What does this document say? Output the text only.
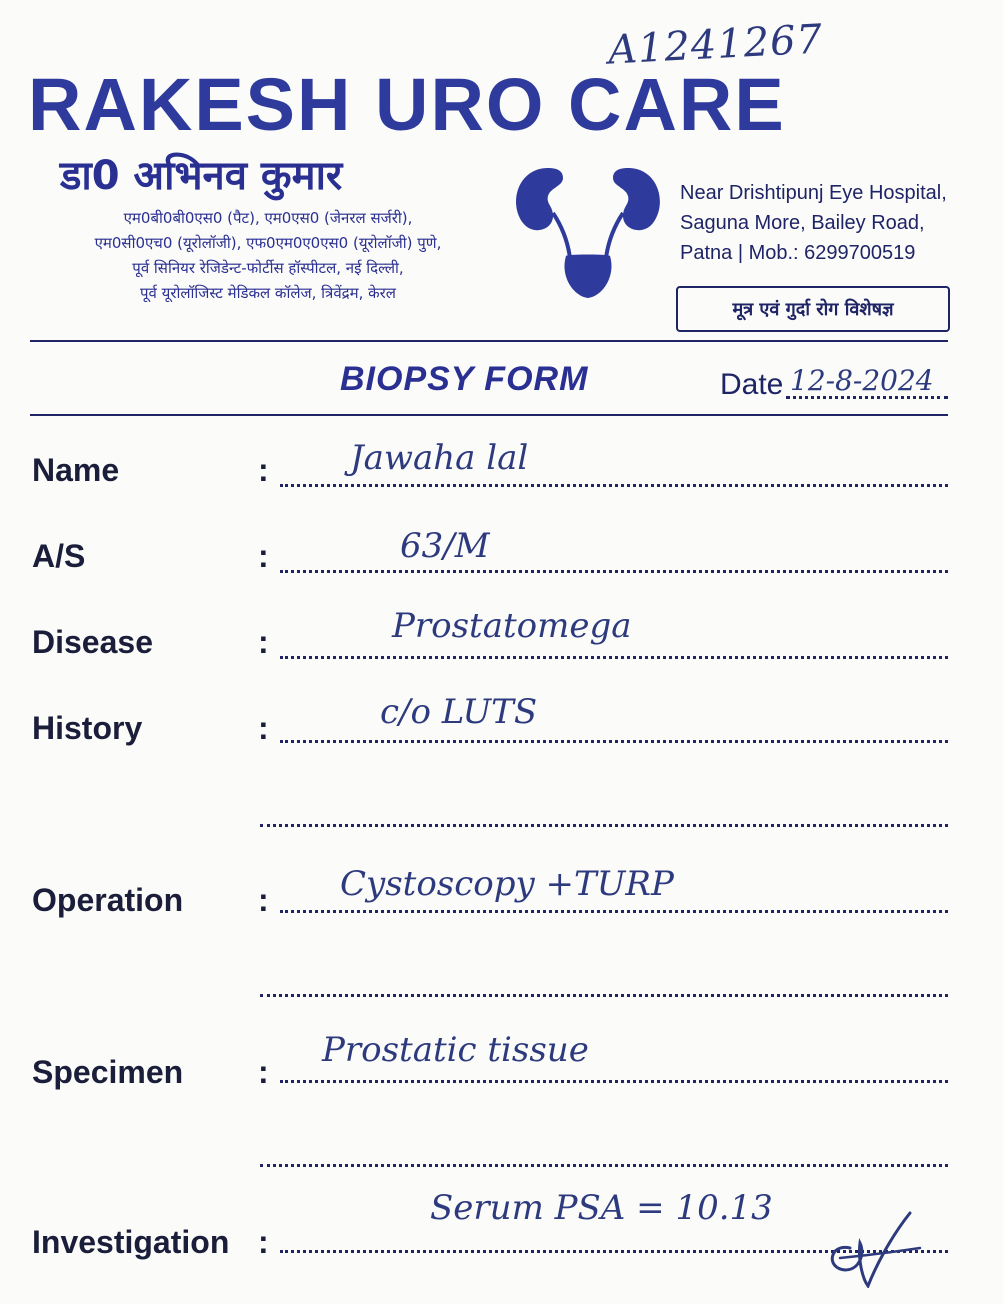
A1241267
RAKESH URO CARE
डा0 अभिनव कुमार
एम0बी0बी0एस0 (पैट), एम0एस0 (जेनरल सर्जरी),
एम0सी0एच0 (यूरोलॉजी), एफ0एम0ए0एस0 (यूरोलॉजी) पुणे,
पूर्व सिनियर रेजिडेन्ट-फोर्टीस हॉस्पीटल, नई दिल्ली,
पूर्व यूरोलॉजिस्ट मेडिकल कॉलेज, त्रिवेंद्रम, केरल
Near Drishtipunj Eye Hospital,
Saguna More, Bailey Road,
Patna | Mob.: 6299700519
मूत्र एवं गुर्दा रोग विशेषज्ञ
BIOPSY FORM	Date 12-8-2024
Name	: Jawaha lal
A/S	:	63/M
Disease	:	Prostatomega
History	:	c/o LUTS
Operation : Cystoscopy +TURP
Specimen :
Prostatic tissue
Investigation :
Serum PSA = 10.13
